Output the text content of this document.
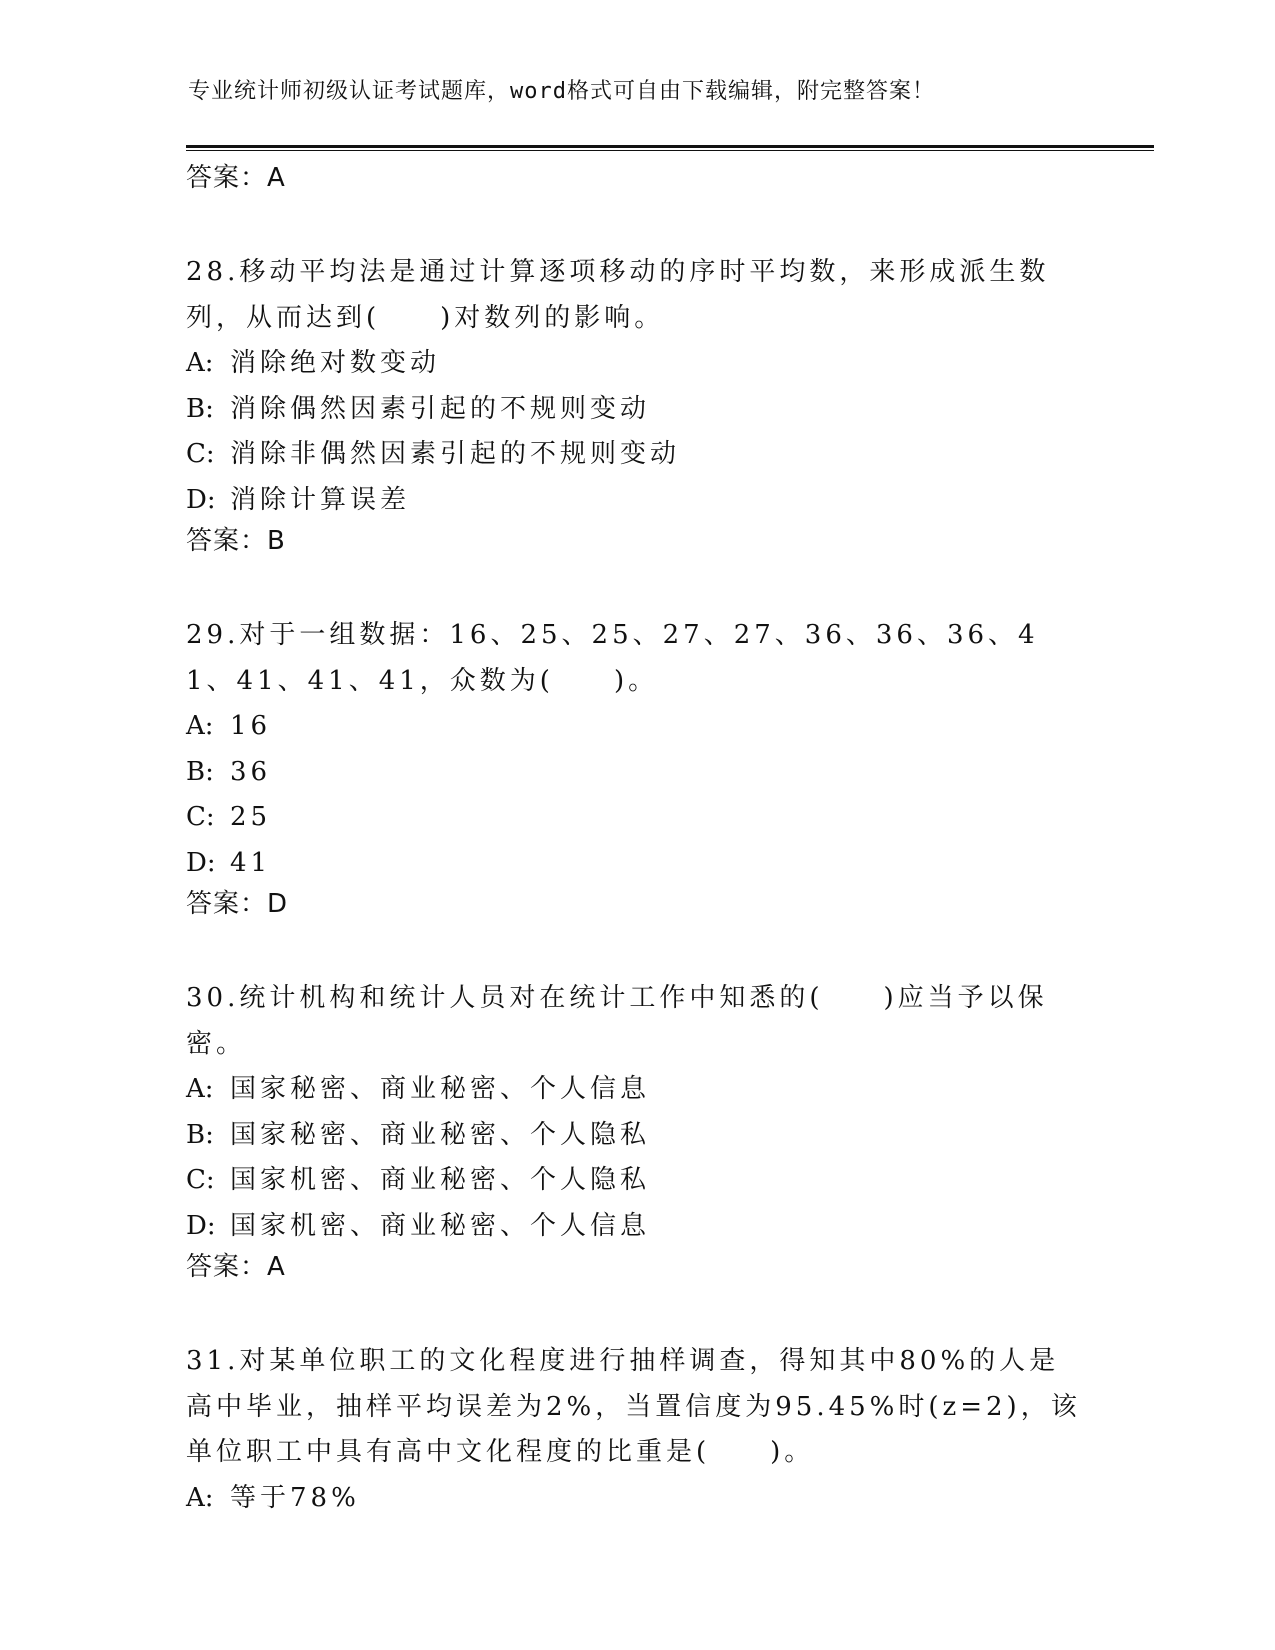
专业统计师初级认证考试题库，word格式可自由下载编辑，附完整答案！
答案：A
28.移动平均法是通过计算逐项移动的序时平均数，来形成派生数列，从而达到(　　)对数列的影响。
A: 消除绝对数变动
B: 消除偶然因素引起的不规则变动
C: 消除非偶然因素引起的不规则变动
D: 消除计算误差
答案：B
29.对于一组数据：16、25、25、27、27、36、36、36、41、41、41、41，众数为(　　)。
A: 16
B: 36
C: 25
D: 41
答案：D
30.统计机构和统计人员对在统计工作中知悉的(　　)应当予以保密。
A: 国家秘密、商业秘密、个人信息
B: 国家秘密、商业秘密、个人隐私
C: 国家机密、商业秘密、个人隐私
D: 国家机密、商业秘密、个人信息
答案：A
31.对某单位职工的文化程度进行抽样调查，得知其中80%的人是高中毕业，抽样平均误差为2%，当置信度为95.45%时(z=2)，该单位职工中具有高中文化程度的比重是(　　)。
A: 等于78%
